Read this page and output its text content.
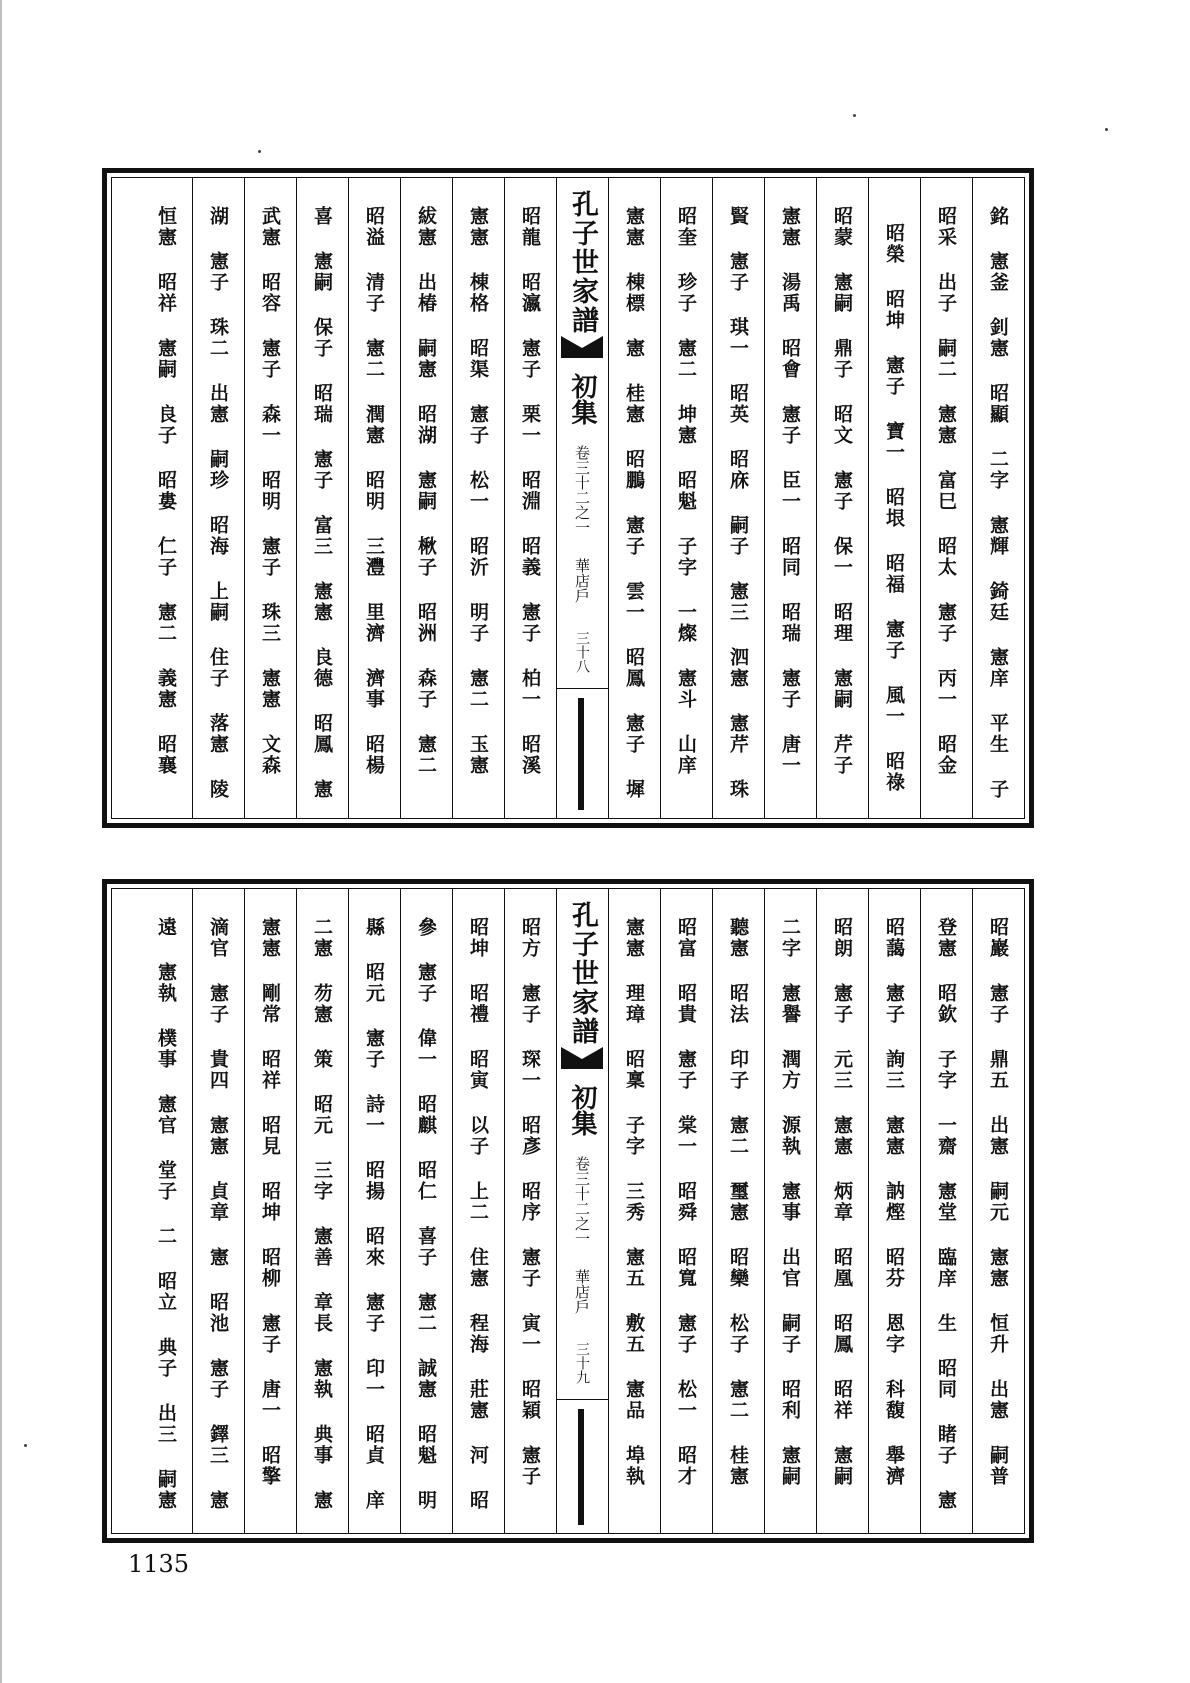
銘 憲釜 釗憲 昭顯 二字 憲輝 錡廷 憲庠 平生 子
昭采 出子 嗣二 憲憲 富巳 昭太 憲子 丙一 昭金
昭榮 昭坤 憲子 寶一 昭垠 昭福 憲子 風一 昭祿
昭蒙 憲嗣 鼎子 昭文 憲子 保一 昭理 憲嗣 芹子
憲憲 湯禹 昭會 憲子 臣一 昭同 昭瑞 憲子 唐一
賢 憲子 琪一 昭英 昭庥 嗣子 憲三 泗憲 憲芹 珠
昭奎 珍子 憲二 坤憲 昭魁 子字 一燦 憲斗 山庠
憲憲 棟標 憲 桂憲 昭鵬 憲子 雲一 昭鳳 憲子 墀
孔子世家譜
初集
卷三十二之一
華店戶
三十八
昭龍 昭瀛 憲子 栗一 昭淵 昭義 憲子 柏一 昭溪
憲憲 棟格 昭渠 憲子 松一 昭沂 明子 憲二 玉憲
紱憲 出椿 嗣憲 昭湖 憲嗣 楸子 昭洲 森子 憲二
昭溢 清子 憲二 潤憲 昭明 三灃 里濟 濟事 昭楊
喜 憲嗣 保子 昭瑞 憲子 富三 憲憲 良德 昭鳳 憲
武憲 昭容 憲子 森一 昭明 憲子 珠三 憲憲 文森
湖 憲子 珠二 出憲 嗣珍 昭海 上嗣 住子 落憲 陵
恒憲 昭祥 憲嗣 良子 昭婁 仁子 憲二 義憲 昭襄
昭巖 憲子 鼎五 出憲 嗣元 憲憲 恒升 出憲 嗣普
登憲 昭欽 子字 一齋 憲堂 臨庠 生 昭同 睹子 憲
昭藹 憲子 詢三 憲憲 訥熞 昭芬 恩字 科馥 舉濟
昭朗 憲子 元三 憲憲 炳章 昭凰 昭鳳 昭祥 憲嗣
二字 憲譽 潤方 源執 憲事 出官 嗣子 昭利 憲嗣
聽憲 昭法 印子 憲二 璽憲 昭欒 松子 憲二 桂憲
昭富 昭貴 憲子 棠一 昭舜 昭寬 憲子 松一 昭才
憲憲 理璋 昭稟 子字 三秀 憲五 敷五 憲品 埠執
孔子世家譜
初集
卷三十二之一
華店戶
三十九
昭方 憲子 琛一 昭彥 昭序 憲子 寅一 昭穎 憲子
昭坤 昭禮 昭寅 以子 上二 住憲 程海 莊憲 河 昭
參 憲子 偉一 昭麒 昭仁 喜子 憲二 誠憲 昭魁 明
縣 昭元 憲子 詩一 昭揚 昭來 憲子 印一 昭貞 庠
二憲 芴憲 策 昭元 三字 憲善 章長 憲執 典事 憲
憲憲 剛常 昭祥 昭見 昭坤 昭柳 憲子 唐一 昭擎
滴官 憲子 貴四 憲憲 貞章 憲 昭池 憲子 鐸三 憲
遠 憲執 樸事 憲官 堂子 二 昭立 典子 出三 嗣憲
1135
